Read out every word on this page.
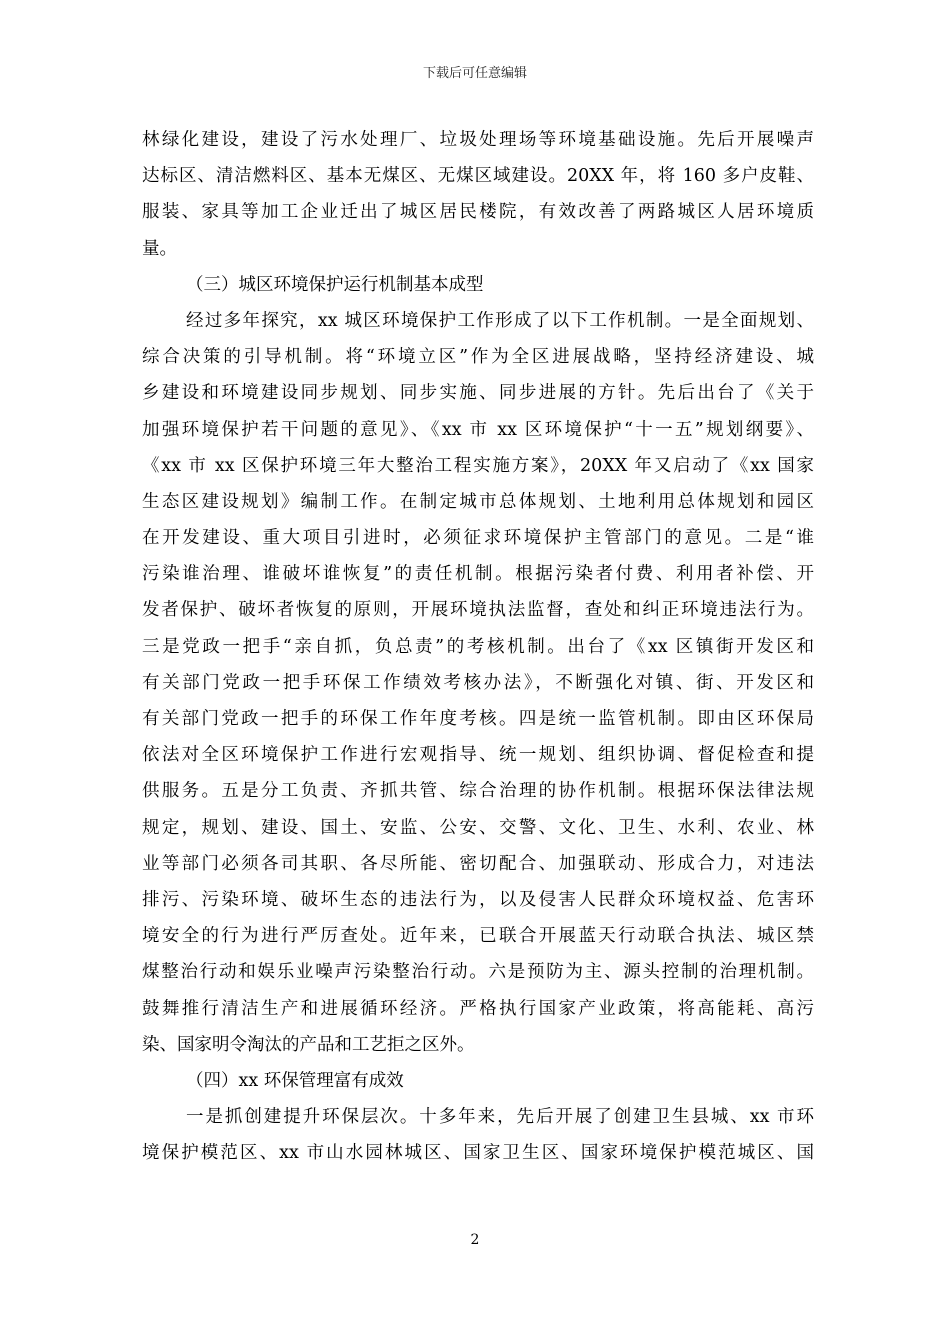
下载后可任意编辑
林绿化建设，建设了污水处理厂、垃圾处理场等环境基础设施。先后开展噪声
达标区、清洁燃料区、基本无煤区、无煤区域建设。20XX 年，将 160 多户皮鞋、
服装、家具等加工企业迁出了城区居民楼院，有效改善了两路城区人居环境质
量。
（三）城区环境保护运行机制基本成型
经过多年探究，xx 城区环境保护工作形成了以下工作机制。一是全面规划、
综合决策的引导机制。将“环境立区”作为全区进展战略，坚持经济建设、城
乡建设和环境建设同步规划、同步实施、同步进展的方针。先后出台了《关于
加强环境保护若干问题的意见》、《xx 市 xx 区环境保护“十一五”规划纲要》、
《xx 市 xx 区保护环境三年大整治工程实施方案》，20XX 年又启动了《xx 国家
生态区建设规划》编制工作。在制定城市总体规划、土地利用总体规划和园区
在开发建设、重大项目引进时，必须征求环境保护主管部门的意见。二是“谁
污染谁治理、谁破坏谁恢复”的责任机制。根据污染者付费、利用者补偿、开
发者保护、破坏者恢复的原则，开展环境执法监督，查处和纠正环境违法行为。
三是党政一把手“亲自抓，负总责”的考核机制。出台了《xx 区镇街开发区和
有关部门党政一把手环保工作绩效考核办法》，不断强化对镇、街、开发区和
有关部门党政一把手的环保工作年度考核。四是统一监管机制。即由区环保局
依法对全区环境保护工作进行宏观指导、统一规划、组织协调、督促检查和提
供服务。五是分工负责、齐抓共管、综合治理的协作机制。根据环保法律法规
规定，规划、建设、国土、安监、公安、交警、文化、卫生、水利、农业、林
业等部门必须各司其职、各尽所能、密切配合、加强联动、形成合力，对违法
排污、污染环境、破坏生态的违法行为，以及侵害人民群众环境权益、危害环
境安全的行为进行严厉查处。近年来，已联合开展蓝天行动联合执法、城区禁
煤整治行动和娱乐业噪声污染整治行动。六是预防为主、源头控制的治理机制。
鼓舞推行清洁生产和进展循环经济。严格执行国家产业政策，将高能耗、高污
染、国家明令淘汰的产品和工艺拒之区外。
（四）xx 环保管理富有成效
一是抓创建提升环保层次。十多年来，先后开展了创建卫生县城、xx 市环
境保护模范区、xx 市山水园林城区、国家卫生区、国家环境保护模范城区、国
2
